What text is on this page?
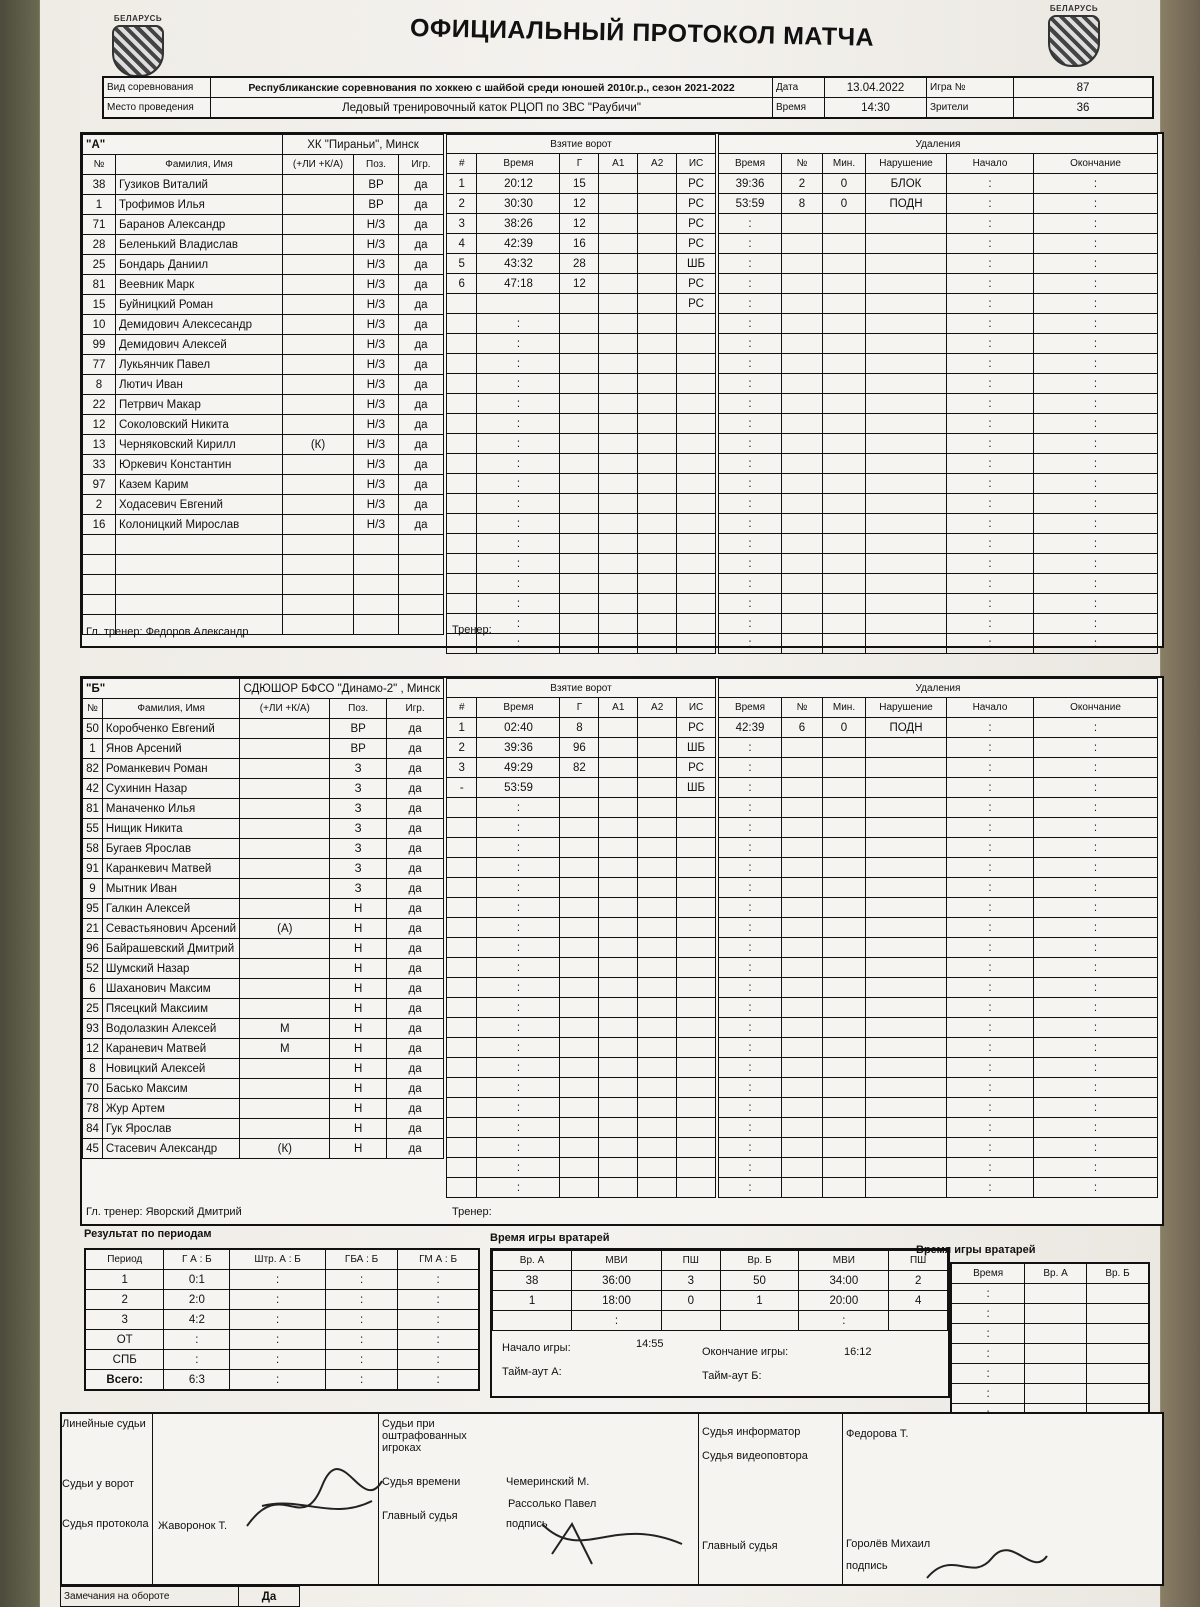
БЕЛАРУСЬ
БЕЛАРУСЬ
ОФИЦИАЛЬНЫЙ ПРОТОКОЛ МАТЧА
Вид соревнования	Республиканские соревнования по хоккею с шайбой среди юношей 2010г.р., сезон 2021-2022	Дата	13.04.2022	Игра №	87
Место проведения	Ледовый тренировочный каток РЦОП по ЗВС "Раубичи"	Время	14:30	Зрители	36
"А"		ХК "Пираньи", Минск		
№	Фамилия, Имя	(+ЛИ +К/А)	Поз.	Игр.
38	Гузиков Виталий		ВР	да
1	Трофимов Илья		ВР	да
71	Баранов Александр		Н/З	да
28	Беленький Владислав		Н/З	да
25	Бондарь Даниил		Н/З	да
81	Веевник Марк		Н/З	да
15	Буйницкий Роман		Н/З	да
10	Демидович Алексесандр		Н/З	да
99	Демидович Алексей		Н/З	да
77	Лукьянчик Павел		Н/З	да
8	Лютич Иван		Н/З	да
22	Петрвич Макар		Н/З	да
12	Соколовский Никита		Н/З	да
13	Черняковский Кирилл	(К)	Н/З	да
33	Юркевич Константин		Н/З	да
97	Казем Карим		Н/З	да
2	Ходасевич Евгений		Н/З	да
16	Колоницкий Мирослав		Н/З	да

Взятие ворот					
#	Время	Г	А1	А2	ИС
1	20:12	15			РС
2	30:30	12			РС
3	38:26	12			РС
4	42:39	16			РС
5	43:32	28			ШБ
6	47:18	12			РС
					РС
	:				
	:				
	:				
	:				
	:				
	:				
	:				
	:				
	:				
	:				
	:				
	:				
	:				
	:				
	:				
	:				
	:				
Удаления					
Время	№	Мин.	Нарушение	Начало	Окончание
39:36	2	0	БЛОК	:	:
53:59	8	0	ПОДН	:	:
:				:	:
:				:	:
:				:	:
:				:	:
:				:	:
:				:	:
:				:	:
:				:	:
:				:	:
:				:	:
:				:	:
:				:	:
:				:	:
:				:	:
:				:	:
:				:	:
:				:	:
:				:	:
:				:	:
:				:	:
:				:	:
:				:	:
Гл. тренер: Федоров Александр	Тренер:
"Б"		СДЮШОР БФСО "Динамо-2" , Минск		
№	Фамилия, Имя	(+ЛИ +К/А)	Поз.	Игр.
50	Коробченко Евгений		ВР	да
1	Янов Арсений		ВР	да
82	Романкевич Роман		З	да
42	Сухинин Назар		З	да
81	Маначенко Илья		З	да
55	Нищик Никита		З	да
58	Бугаев Ярослав		З	да
91	Каранкевич Матвей		З	да
9	Мытник Иван		З	да
95	Галкин Алексей		Н	да
21	Севастьянович Арсений	(А)	Н	да
96	Байрашевский Дмитрий		Н	да
52	Шумский Назар		Н	да
6	Шаханович Максим		Н	да
25	Пясецкий Максиим		Н	да
93	Водолазкин Алексей	М	Н	да
12	Караневич Матвей	М	Н	да
8	Новицкий Алексей		Н	да
70	Басько Максим		Н	да
78	Жур Артем		Н	да
84	Гук Ярослав		Н	да
45	Стасевич Александр	(К)	Н	да
Взятие ворот					
#	Время	Г	А1	А2	ИС
1	02:40	8			РС
2	39:36	96			ШБ
3	49:29	82			РС
-	53:59				ШБ
	:				
	:				
	:				
	:				
	:				
	:				
	:				
	:				
	:				
	:				
	:				
	:				
	:				
	:				
	:				
	:				
	:				
	:				
	:				
	:				
Удаления					
Время	№	Мин.	Нарушение	Начало	Окончание
42:39	6	0	ПОДН	:	:
:				:	:
:				:	:
:				:	:
:				:	:
:				:	:
:				:	:
:				:	:
:				:	:
:				:	:
:				:	:
:				:	:
:				:	:
:				:	:
:				:	:
:				:	:
:				:	:
:				:	:
:				:	:
:				:	:
:				:	:
:				:	:
:				:	:
:				:	:
Гл. тренер: Яворский Дмитрий	Тренер:
Результат по периодам
Период	Г А : Б	Штр. А : Б	ГБА : Б	ГМ А : Б
1	0:1	:	:	:
2	2:0	:	:	:
3	4:2	:	:	:
ОТ	:	:	:	:
СПБ	:	:	:	:
Всего:	6:3	:	:	:
Время игры вратарей
Вр. А	МВИ	ПШ	Вр. Б	МВИ	ПШ
38	36:00	3	50	34:00	2
1	18:00	0	1	20:00	4
	:			:	
Начало игры:	14:55
Окончание игры:	16:12
Тайм-аут А:	Тайм-аут Б:
Время игры вратарей
Время	Вр. А	Вр. Б
:		
:		
:		
:		
:		
:		

Линейные судьи
Судьи у ворот
Судья протокола Жаворонок Т.
Судьи при оштрафованных игроках
Судья времени	Чемеринский М.
Главный судья
Рассолько Павел
подпись
Судья информатор	Федорова Т.
Судья видеоповтора
Главный судья	Горолёв Михаил
подпись
Замечания на обороте	Да
